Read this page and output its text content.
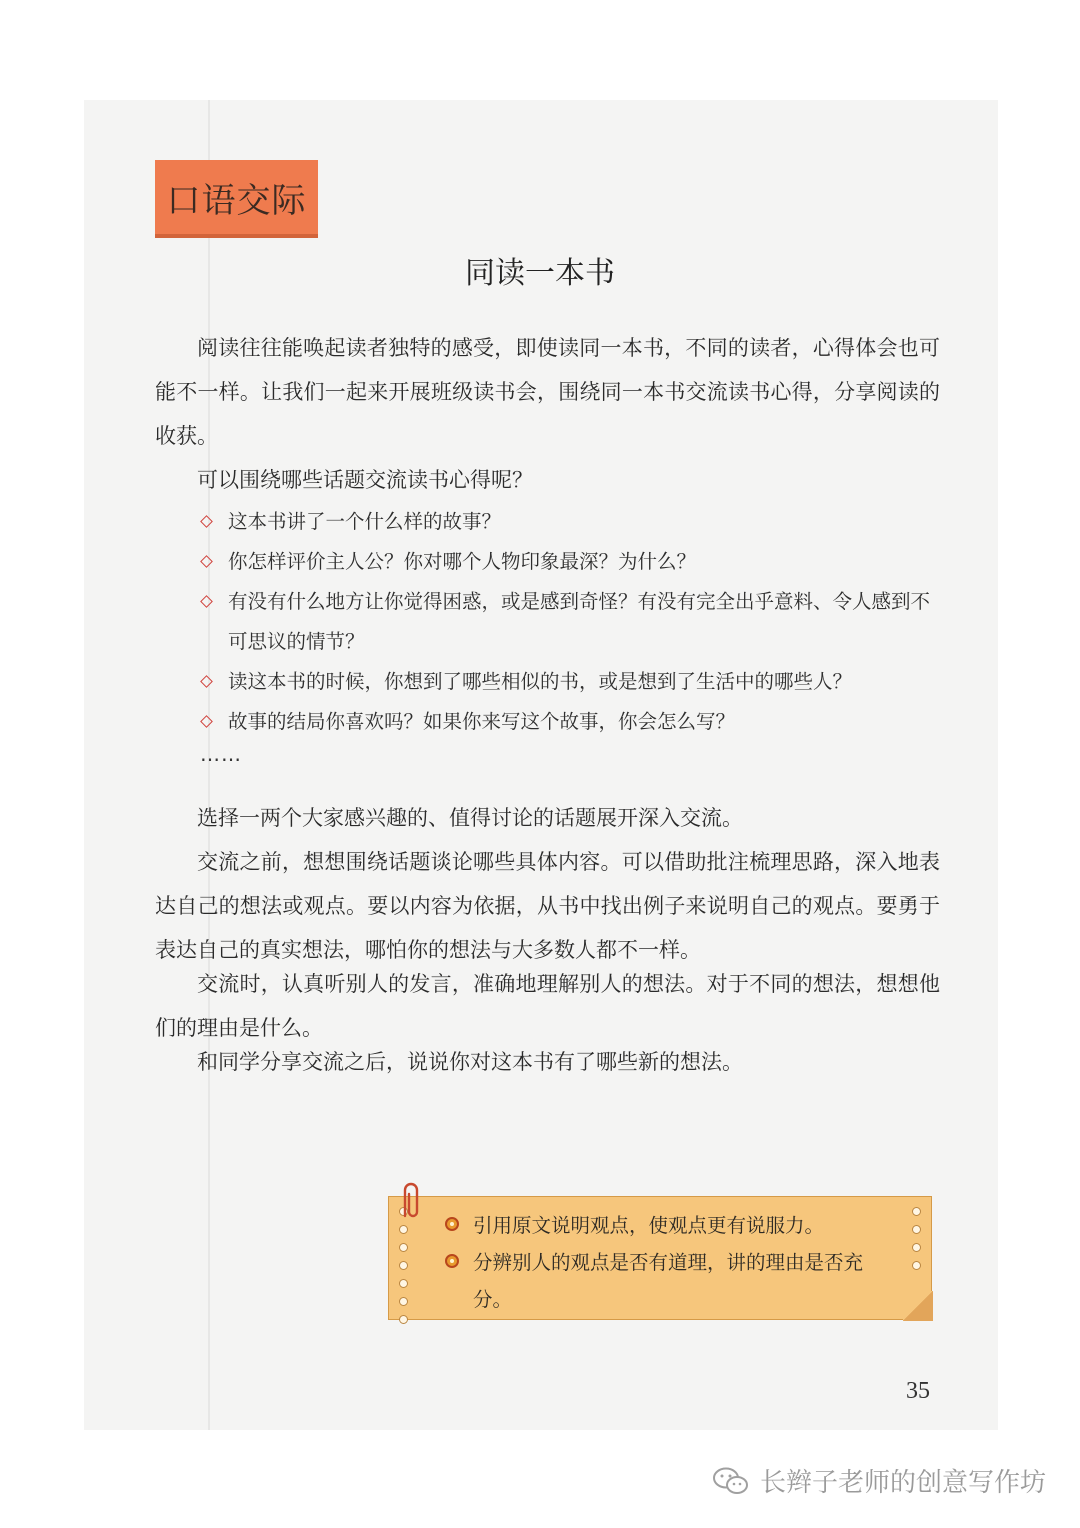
口语交际
同读一本书

阅读往往能唤起读者独特的感受，即使读同一本书，不同的读者，心得体会也可能不一样。让我们一起来开展班级读书会，围绕同一本书交流读书心得，分享阅读的收获。

可以围绕哪些话题交流读书心得呢？

这本书讲了一个什么样的故事？
你怎样评价主人公？你对哪个人物印象最深？为什么？
有没有什么地方让你觉得困惑，或是感到奇怪？有没有完全出乎意料、令人感到不可思议的情节？
读这本书的时候，你想到了哪些相似的书，或是想到了生活中的哪些人？
故事的结局你喜欢吗？如果你来写这个故事，你会怎么写？
……

选择一两个大家感兴趣的、值得讨论的话题展开深入交流。

交流之前，想想围绕话题谈论哪些具体内容。可以借助批注梳理思路，深入地表达自己的想法或观点。要以内容为依据，从书中找出例子来说明自己的观点。要勇于表达自己的真实想法，哪怕你的想法与大多数人都不一样。

交流时，认真听别人的发言，准确地理解别人的想法。对于不同的想法，想想他们的理由是什么。

和同学分享交流之后，说说你对这本书有了哪些新的想法。

引用原文说明观点，使观点更有说服力。
分辨别人的观点是否有道理，讲的理由是否充分。
35
长辫子老师的创意写作坊
